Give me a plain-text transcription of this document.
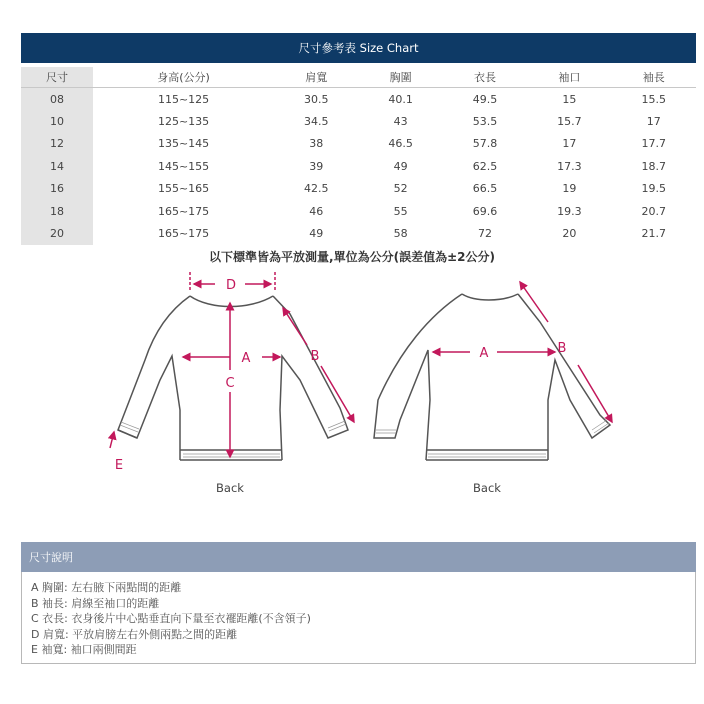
尺寸參考表 Size Chart
尺寸	身高(公分)	肩寬	胸圍	衣長	袖口	袖長
08	115~125	30.5	40.1	49.5	15	15.5
10	125~135	34.5	43	53.5	15.7	17
12	135~145	38	46.5	57.8	17	17.7
14	145~155	39	49	62.5	17.3	18.7
16	155~165	42.5	52	66.5	19	19.5
18	165~175	46	55	69.6	19.3	20.7
20	165~175	49	58	72	20	21.7
以下標準皆為平放測量,單位為公分(誤差值為±2公分)
D
A	B
C
E
Back
A	B
Back
尺寸說明
A 胸圍: 左右腋下兩點間的距離
B 袖長: 肩線至袖口的距離
C 衣長: 衣身後片中心點垂直向下量至衣襬距離(不含領子)
D 肩寬: 平放肩膀左右外側兩點之間的距離
E 袖寬: 袖口兩側間距
